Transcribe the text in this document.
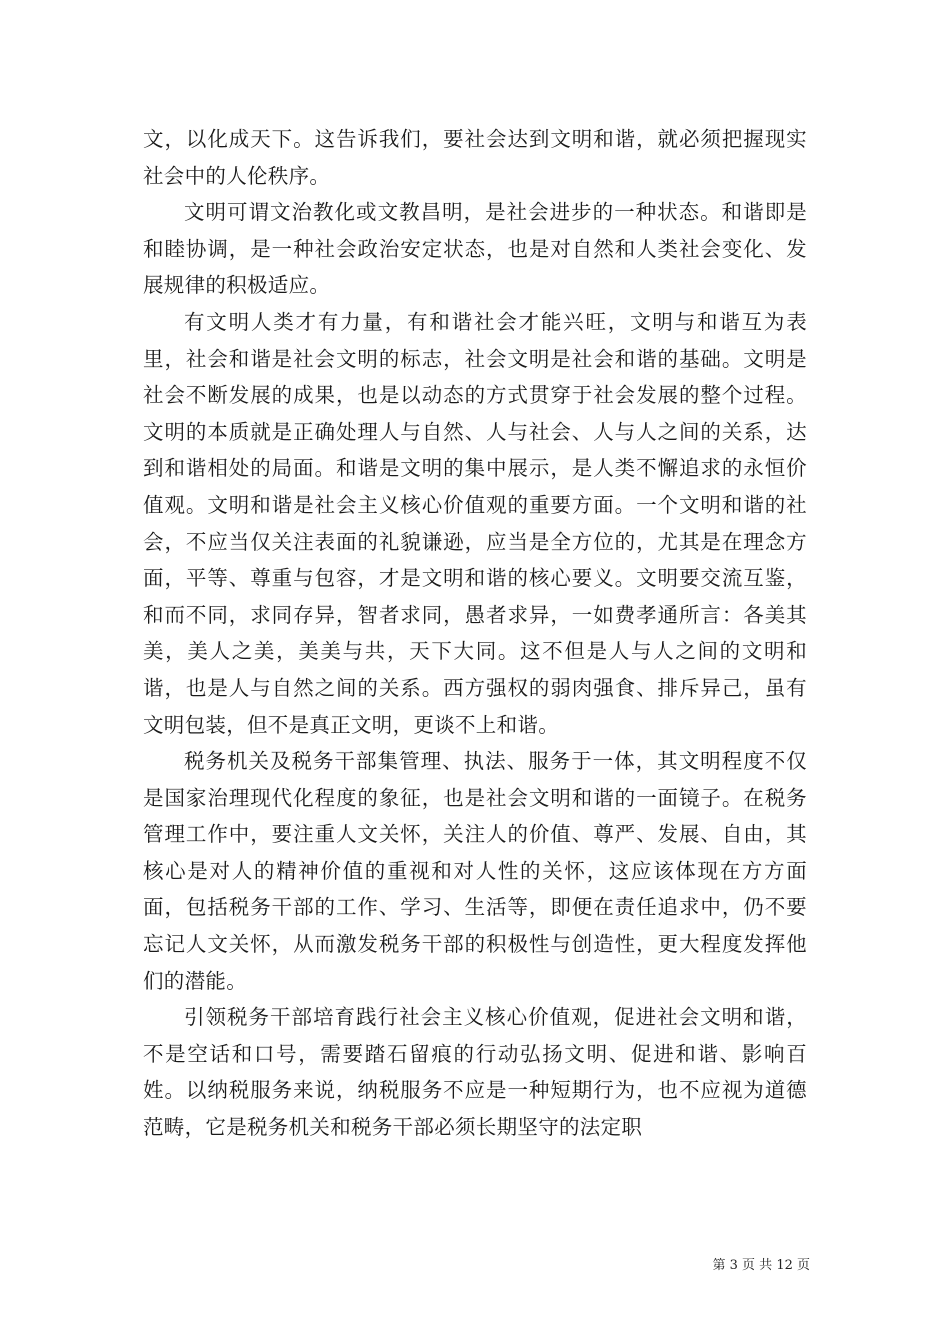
文，以化成天下。这告诉我们，要社会达到文明和谐，就必须把握现实社会中的人伦秩序。

文明可谓文治教化或文教昌明，是社会进步的一种状态。和谐即是和睦协调，是一种社会政治安定状态，也是对自然和人类社会变化、发展规律的积极适应。

有文明人类才有力量，有和谐社会才能兴旺，文明与和谐互为表里，社会和谐是社会文明的标志，社会文明是社会和谐的基础。文明是社会不断发展的成果，也是以动态的方式贯穿于社会发展的整个过程。文明的本质就是正确处理人与自然、人与社会、人与人之间的关系，达到和谐相处的局面。和谐是文明的集中展示，是人类不懈追求的永恒价值观。文明和谐是社会主义核心价值观的重要方面。一个文明和谐的社会，不应当仅关注表面的礼貌谦逊，应当是全方位的，尤其是在理念方面，平等、尊重与包容，才是文明和谐的核心要义。文明要交流互鉴，和而不同，求同存异，智者求同，愚者求异，一如费孝通所言：各美其美，美人之美，美美与共，天下大同。这不但是人与人之间的文明和谐，也是人与自然之间的关系。西方强权的弱肉强食、排斥异己，虽有文明包装，但不是真正文明，更谈不上和谐。

税务机关及税务干部集管理、执法、服务于一体，其文明程度不仅是国家治理现代化程度的象征，也是社会文明和谐的一面镜子。在税务管理工作中，要注重人文关怀，关注人的价值、尊严、发展、自由，其核心是对人的精神价值的重视和对人性的关怀，这应该体现在方方面面，包括税务干部的工作、学习、生活等，即便在责任追求中，仍不要忘记人文关怀，从而激发税务干部的积极性与创造性，更大程度发挥他们的潜能。

引领税务干部培育践行社会主义核心价值观，促进社会文明和谐，不是空话和口号，需要踏石留痕的行动弘扬文明、促进和谐、影响百姓。以纳税服务来说，纳税服务不应是一种短期行为，也不应视为道德范畴，它是税务机关和税务干部必须长期坚守的法定职

第 3 页 共 12 页
